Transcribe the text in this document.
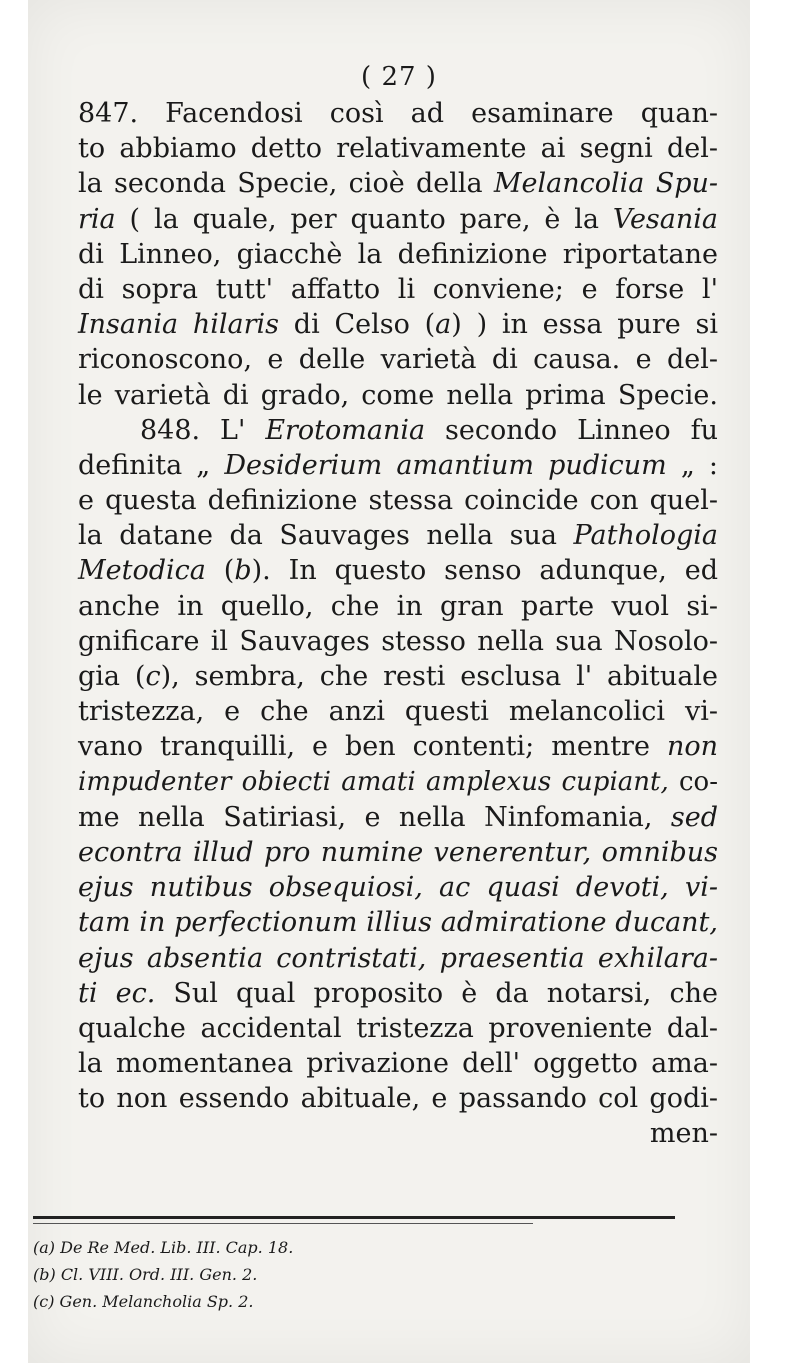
( 27 )
847. Facendosi così ad esaminare quan-
to abbiamo detto relativamente ai segni del-
la seconda Specie, cioè della Melancolia Spu-
ria ( la quale, per quanto pare, è la Vesania
di Linneo, giacchè la definizione riportatane
di sopra tutt' affatto li conviene; e forse l'
Insania hilaris di Celso (a) ) in essa pure si
riconoscono, e delle varietà di causa. e del-
le varietà di grado, come nella prima Specie.
848. L' Erotomania secondo Linneo fu
definita „ Desiderium amantium pudicum „ :
e questa definizione stessa coincide con quel-
la datane da Sauvages nella sua Pathologia
Metodica (b). In questo senso adunque, ed
anche in quello, che in gran parte vuol si-
gnificare il Sauvages stesso nella sua Nosolo-
gia (c), sembra, che resti esclusa l' abituale
tristezza, e che anzi questi melancolici vi-
vano tranquilli, e ben contenti; mentre non
impudenter obiecti amati amplexus cupiant, co-
me nella Satiriasi, e nella Ninfomania, sed
econtra illud pro numine venerentur, omnibus
ejus nutibus obsequiosi, ac quasi devoti, vi-
tam in perfectionum illius admiratione ducant,
ejus absentia contristati, praesentia exhilara-
ti ec. Sul qual proposito è da notarsi, che
qualche accidental tristezza proveniente dal-
la momentanea privazione dell' oggetto ama-
to non essendo abituale, e passando col godi-
men-
(a) De Re Med. Lib. III. Cap. 18.
(b) Cl. VIII. Ord. III. Gen. 2.
(c) Gen. Melancholia Sp. 2.
